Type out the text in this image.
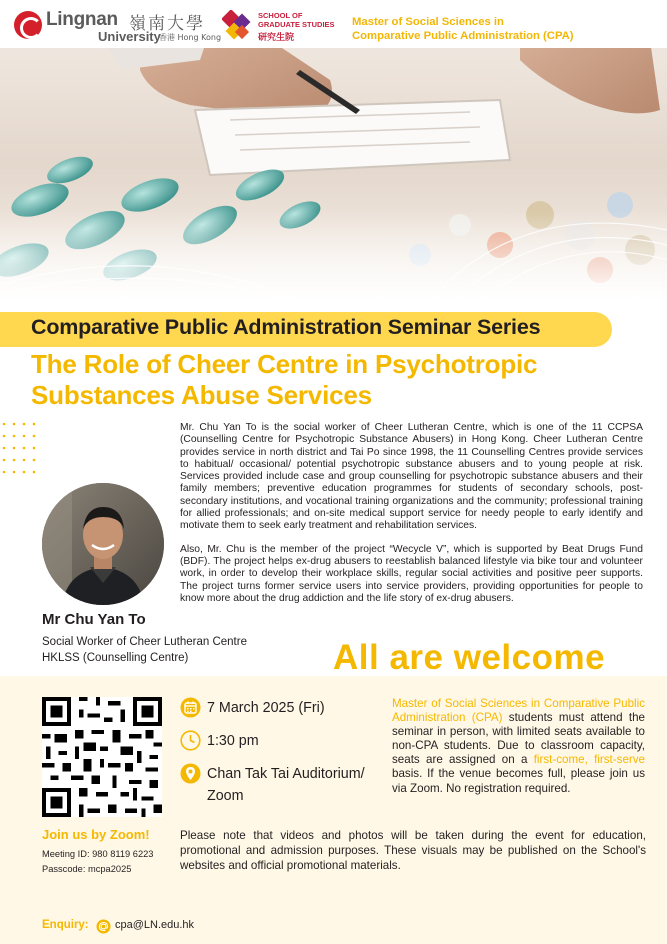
Lingnan 嶺南大學
University
香港 Hong Kong
SCHOOL OF
GRADUATE STUDIES
研究生院
Master of Social Sciences in
Comparative Public Administration (CPA)
Comparative Public Administration Seminar Series
The Role of Cheer Centre in Psychotropic Substances Abuse Services

Mr. Chu Yan To is the social worker of Cheer Lutheran Centre, which is one of the 11 CCPSA (Counselling Centre for Psychotropic Substance Abusers) in Hong Kong. Cheer Lutheran Centre provides service in north district and Tai Po since 1998, the 11 Counselling Centres provide services to habitual/ occasional/ potential psychotropic substance abusers and to young people at risk. Services provided include case and group counselling for psychotropic substance abusers and their family members; preventive education programmes for students of secondary schools, post-secondary institutions, and vocational training organizations and the community; professional training for allied professionals; and on-site medical support service for needy people to early identify and motivate them to seek early treatment and rehabilitation services.

Also, Mr. Chu is the member of the project “Wecycle V”, which is supported by Beat Drugs Fund (BDF). The project helps ex-drug abusers to reestablish balanced lifestyle via bike tour and volunteer work, in order to develop their workplace skills, regular social activities and positive peer supports. The project turns former service users into service providers, providing opportunities for people to know more about the drug addiction and the life story of ex-drug abusers.

Mr Chu Yan To
Social Worker of Cheer Lutheran Centre
HKLSS (Counselling Centre)	All are welcome
Join us by Zoom!
Meeting ID: 980 8119 6223
Passcode: mcpa2025
7 March 2025 (Fri)
1:30 pm
Chan Tak Tai Auditorium/
Zoom
Master of Social Sciences in Comparative Public Administration (CPA) students must attend the seminar in person, with limited seats available to non-CPA students. Due to classroom capacity, seats are assigned on a first-come, first-serve basis. If the venue becomes full, please join us via Zoom. No registration required.
Please note that videos and photos will be taken during the event for education, promotional and admission purposes. These visuals may be published on the School's websites and official promotional materials.
Enquiry: cpa@LN.edu.hk
